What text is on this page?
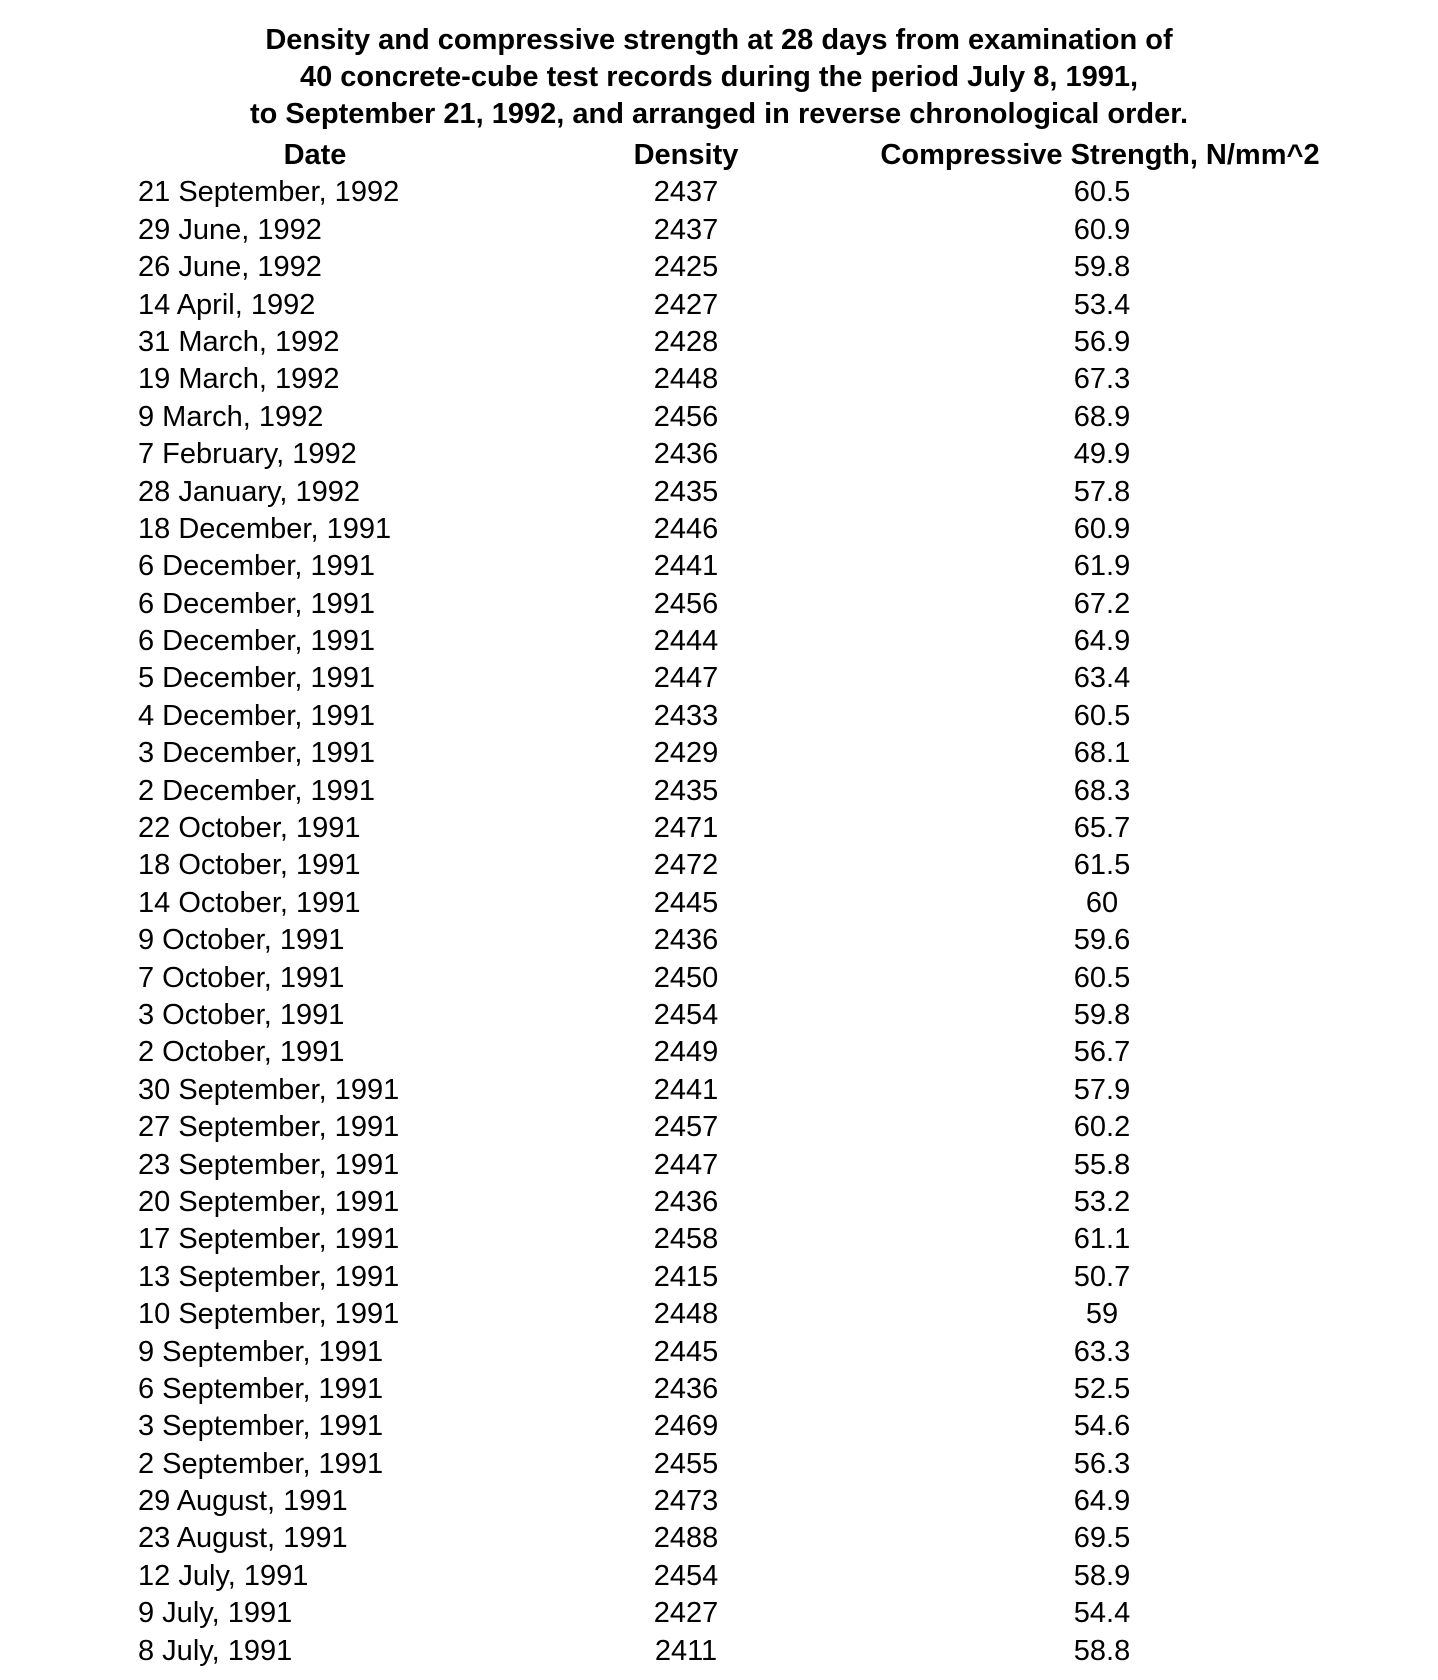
Density and compressive strength at 28 days from examination of
40 concrete-cube test records during the period July 8, 1991,
to September 21, 1992, and arranged in reverse chronological order.
Date	Density	Compressive Strength, N/mm^2
21 September, 1992	2437	60.5
29 June, 1992	2437	60.9
26 June, 1992	2425	59.8
14 April, 1992	2427	53.4
31 March, 1992	2428	56.9
19 March, 1992	2448	67.3
9 March, 1992	2456	68.9
7 February, 1992	2436	49.9
28 January, 1992	2435	57.8
18 December, 1991	2446	60.9
6 December, 1991	2441	61.9
6 December, 1991	2456	67.2
6 December, 1991	2444	64.9
5 December, 1991	2447	63.4
4 December, 1991	2433	60.5
3 December, 1991	2429	68.1
2 December, 1991	2435	68.3
22 October, 1991	2471	65.7
18 October, 1991	2472	61.5
14 October, 1991	2445	60
9 October, 1991	2436	59.6
7 October, 1991	2450	60.5
3 October, 1991	2454	59.8
2 October, 1991	2449	56.7
30 September, 1991	2441	57.9
27 September, 1991	2457	60.2
23 September, 1991	2447	55.8
20 September, 1991	2436	53.2
17 September, 1991	2458	61.1
13 September, 1991	2415	50.7
10 September, 1991	2448	59
9 September, 1991	2445	63.3
6 September, 1991	2436	52.5
3 September, 1991	2469	54.6
2 September, 1991	2455	56.3
29 August, 1991	2473	64.9
23 August, 1991	2488	69.5
12 July, 1991	2454	58.9
9 July, 1991	2427	54.4
8 July, 1991	2411	58.8
